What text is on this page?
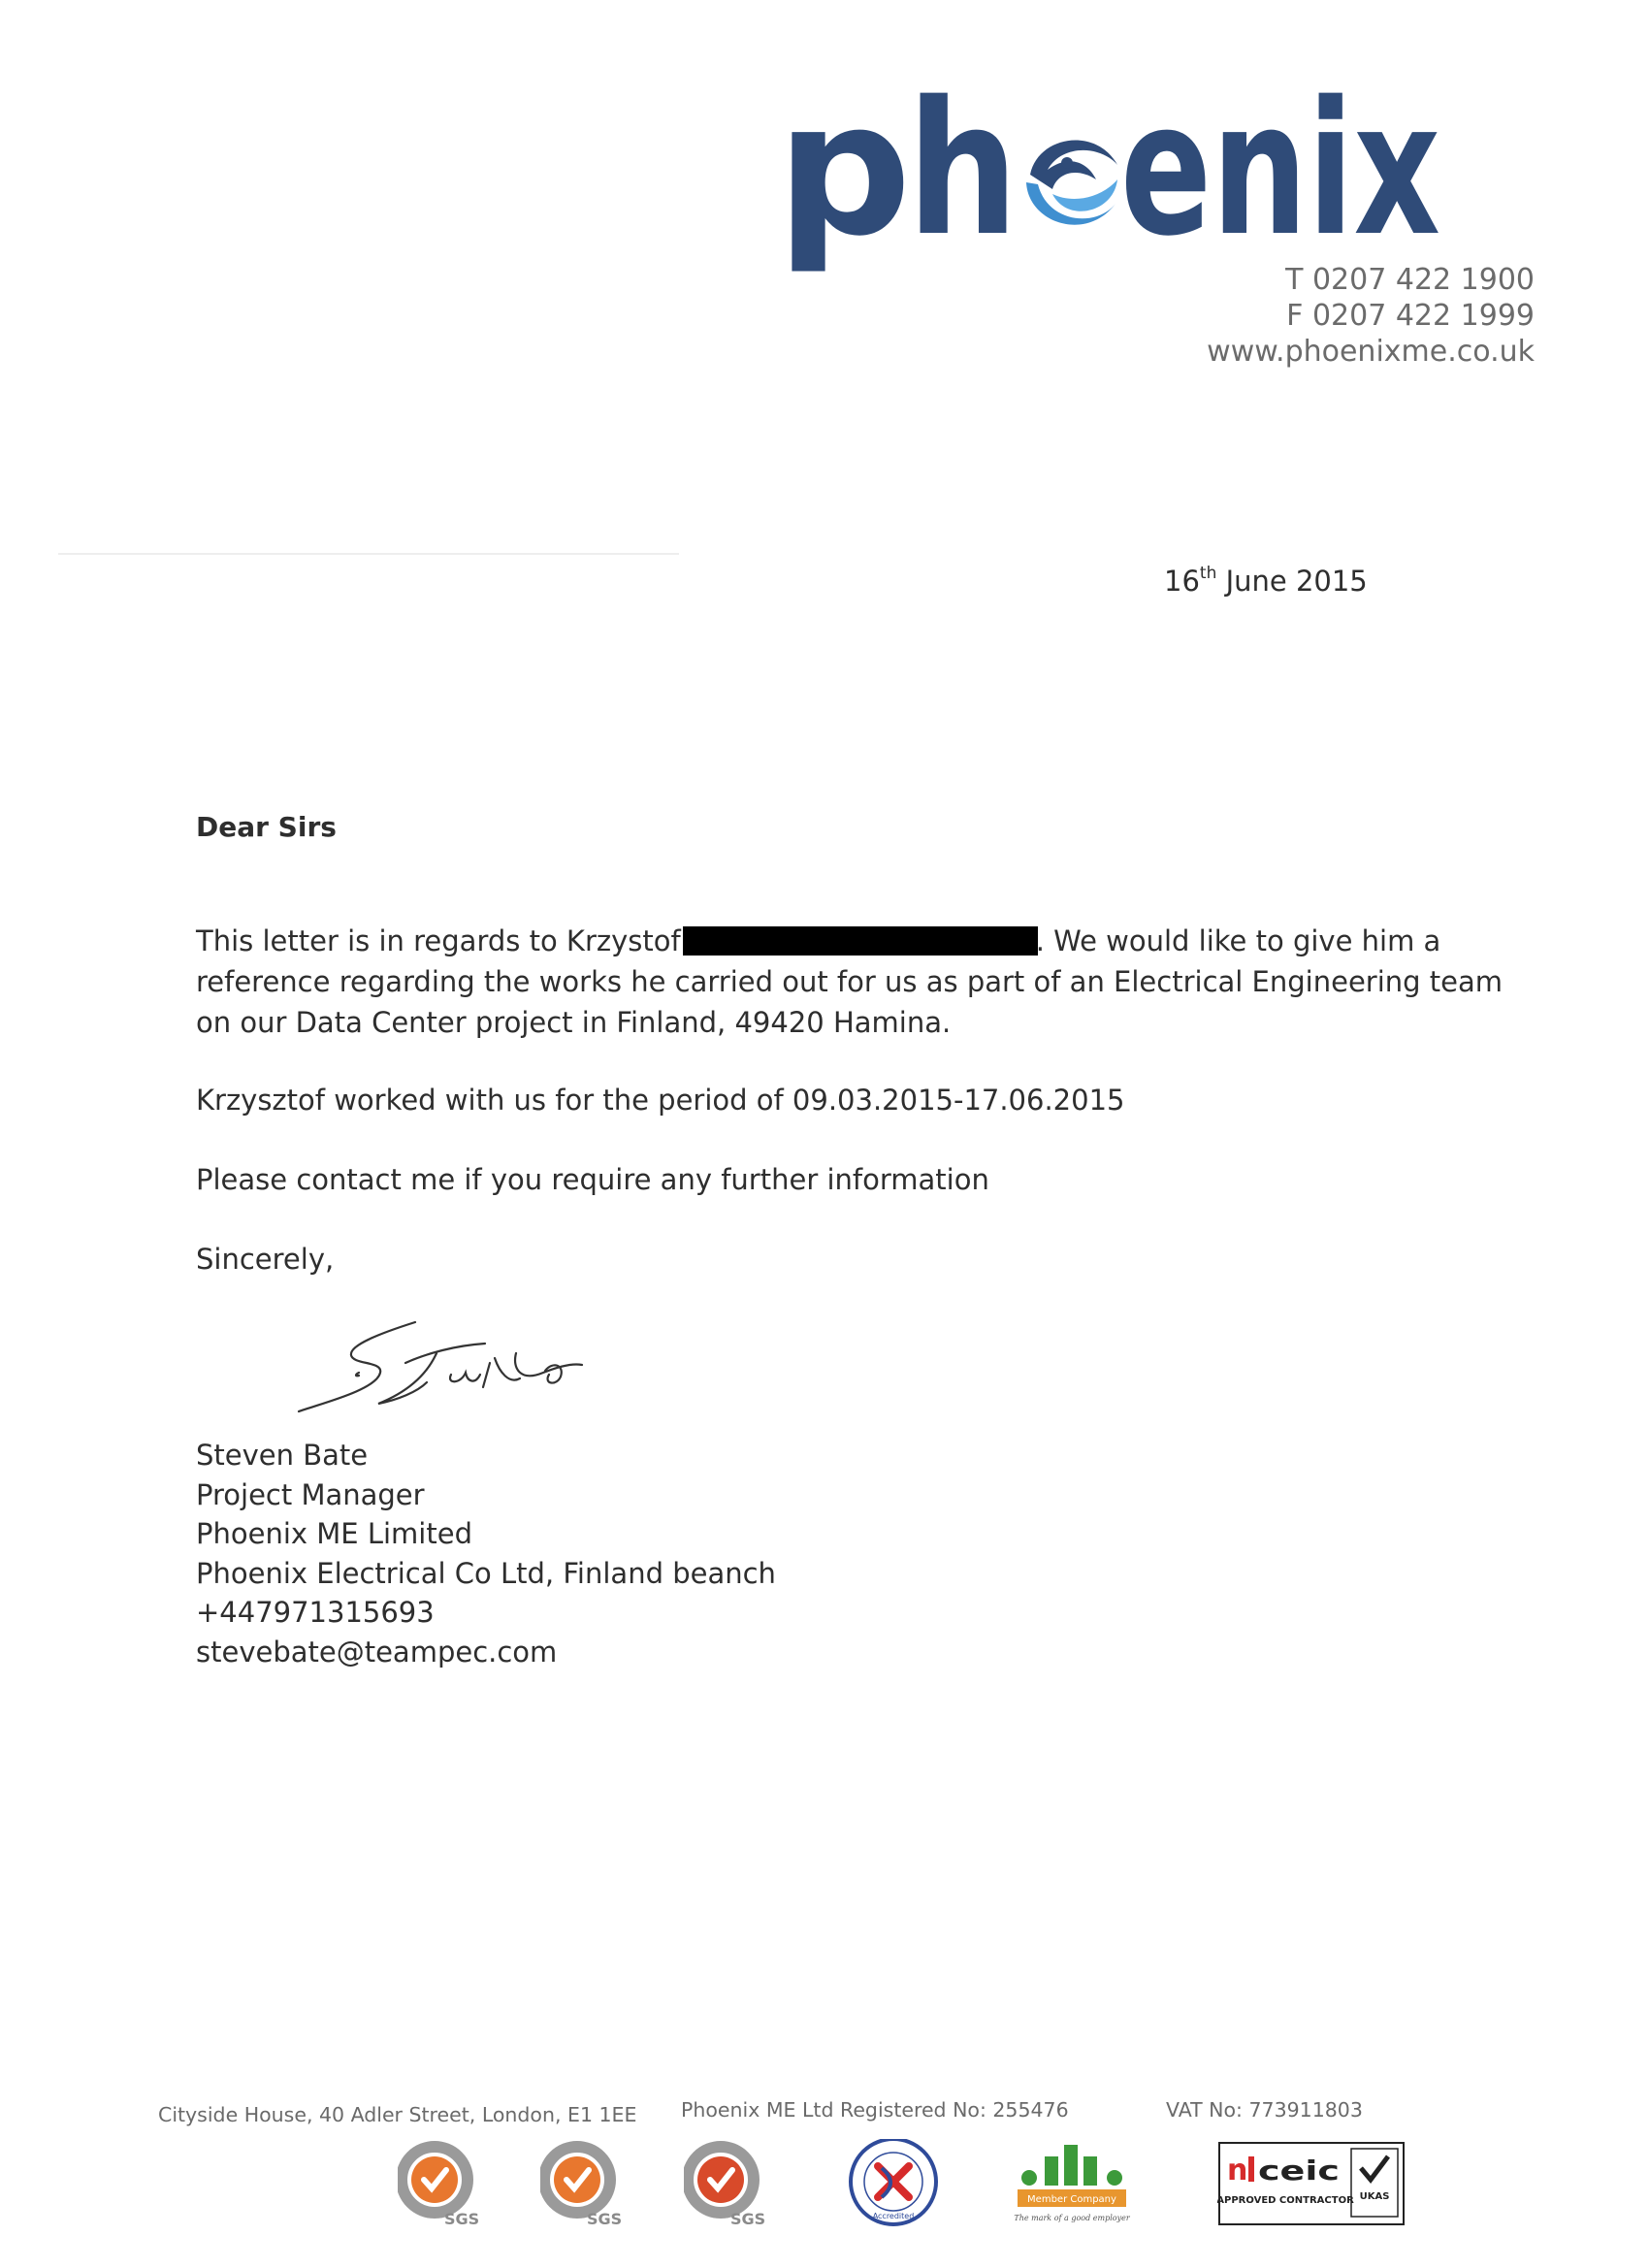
p
h enix
T 0207 422 1900
F 0207 422 1999
www.phoenixme.co.uk
16th June 2015
Dear Sirs
This letter is in regards to Krzystof	. We would like to give him a
reference regarding the works he carried out for us as part of an Electrical Engineering team
on our Data Center project in Finland, 49420 Hamina.
Krzysztof worked with us for the period of 09.03.2015-17.06.2015
Please contact me if you require any further information
Sincerely,
Steven Bate
Project Manager
Phoenix ME Limited
Phoenix Electrical Co Ltd, Finland beanch
+447971315693
stevebate@teampec.com
Cityside House, 40 Adler Street, London, E1 1EE Phoenix ME Ltd Registered No: 255476	VAT No: 773911803
SGS	SGS	SGS	Accredited
Member Company
The mark of a good employer
n ceic
UKAS
APPROVED CONTRACTOR
